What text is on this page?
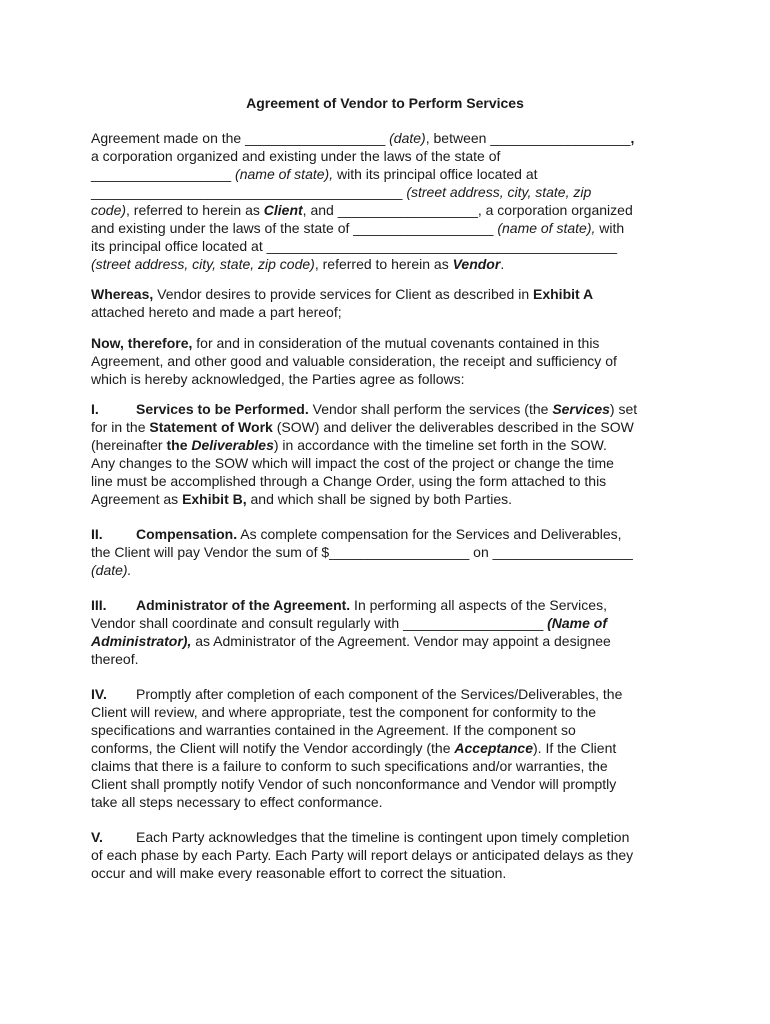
Agreement of Vendor to Perform Services
Agreement made on the __________________ (date), between __________________,
a corporation organized and existing under the laws of the state of
__________________ (name of state), with its principal office located at
________________________________________ (street address, city, state, zip
code), referred to herein as Client, and __________________, a corporation organized
and existing under the laws of the state of __________________ (name of state), with
its principal office located at _____________________________________________
(street address, city, state, zip code), referred to herein as Vendor.
Whereas, Vendor desires to provide services for Client as described in Exhibit A
attached hereto and made a part hereof;
Now, therefore, for and in consideration of the mutual covenants contained in this
Agreement, and other good and valuable consideration, the receipt and sufficiency of
which is hereby acknowledged, the Parties agree as follows:
I.	Services to be Performed. Vendor shall perform the services (the Services) set
for in the Statement of Work (SOW) and deliver the deliverables described in the SOW
(hereinafter the Deliverables) in accordance with the timeline set forth in the SOW.
Any changes to the SOW which will impact the cost of the project or change the time
line must be accomplished through a Change Order, using the form attached to this
Agreement as Exhibit B, and which shall be signed by both Parties.
II. Compensation. As complete compensation for the Services and Deliverables,
the Client will pay Vendor the sum of $__________________ on __________________
(date).
III. Administrator of the Agreement. In performing all aspects of the Services,
Vendor shall coordinate and consult regularly with __________________ (Name of
Administrator), as Administrator of the Agreement. Vendor may appoint a designee
thereof.
IV. Promptly after completion of each component of the Services/Deliverables, the
Client will review, and where appropriate, test the component for conformity to the
specifications and warranties contained in the Agreement. If the component so
conforms, the Client will notify the Vendor accordingly (the Acceptance). If the Client
claims that there is a failure to conform to such specifications and/or warranties, the
Client shall promptly notify Vendor of such nonconformance and Vendor will promptly
take all steps necessary to effect conformance.
V. Each Party acknowledges that the timeline is contingent upon timely completion
of each phase by each Party. Each Party will report delays or anticipated delays as they
occur and will make every reasonable effort to correct the situation.
